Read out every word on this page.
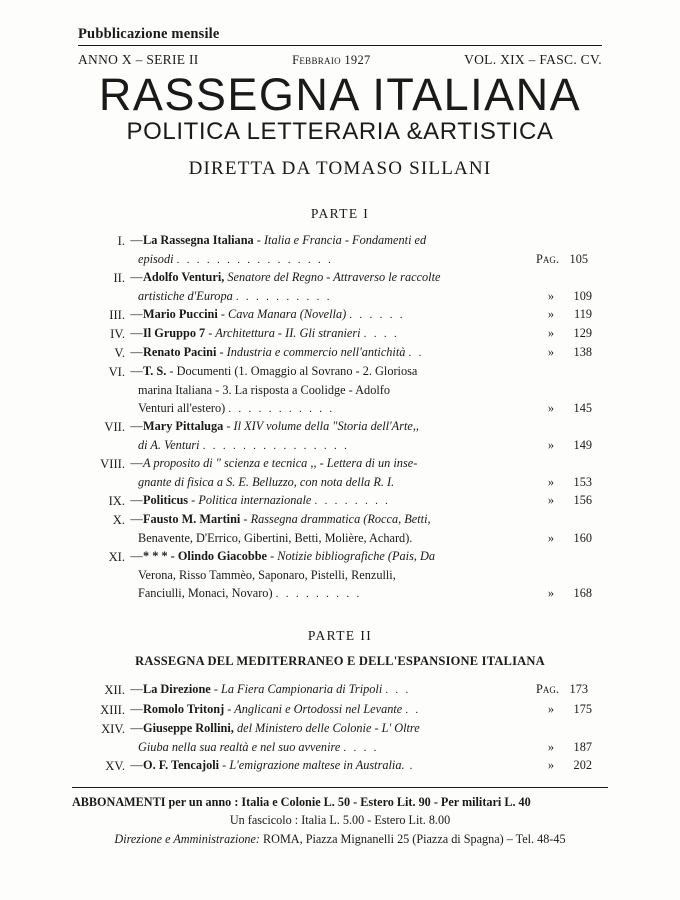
Pubblicazione mensile
ANNO X – SERIE II	Febbraio 1927	VOL. XIX – FASC. CV.
RASSEGNA ITALIANA
POLITICA LETTERARIA &ARTISTICA
DIRETTA DA TOMASO SILLANI
PARTE I
I. — La Rassegna Italiana - Italia e Francia - Fondamenti ed
episodi . . . . . . . . . . . . . . . .	Pag. 105
II. — Adolfo Venturi, Senatore del Regno - Attraverso le raccolte
artistiche d'Europa . . . . . . . . . .	» 109
III. — Mario Puccini - Cava Manara (Novella) . . . . . .	» 119
IV. — Il Gruppo 7 - Architettura - II. Gli stranieri . . . .	» 129
V. — Renato Pacini - Industria e commercio nell'antichità . .	» 138
VI. — T. S. - Documenti (1. Omaggio al Sovrano - 2. Gloriosa
marina Italiana - 3. La risposta a Coolidge - Adolfo
Venturi all'estero) . . . . . . . . . . .	» 145
VII. — Mary Pittaluga - Il XIV volume della "Storia dell'Arte,,
di A. Venturi . . . . . . . . . . . . . . .	» 149
VIII. — A proposito di " scienza e tecnica ,, - Lettera di un inse-
gnante di fisica a S. E. Belluzzo, con nota della R. I.	» 153
IX. — Politicus - Politica internazionale . . . . . . . .	» 156
X. — Fausto M. Martini - Rassegna drammatica (Rocca, Betti,
Benavente, D'Errico, Gibertini, Betti, Molière, Achard).	» 160
XI. — * * * - Olindo Giacobbe - Notizie bibliografiche (Pais, Da
Verona, Risso Tammèo, Saponaro, Pistelli, Renzulli,
Fanciulli, Monaci, Novaro) . . . . . . . . .	» 168
PARTE II
RASSEGNA DEL MEDITERRANEO E DELL'ESPANSIONE ITALIANA
XII. — La Direzione - La Fiera Campionaria di Tripoli . . .	Pag. 173
XIII. — Romolo Tritonj - Anglicani e Ortodossi nel Levante . .	» 175
XIV. — Giuseppe Rollini, del Ministero delle Colonie - L' Oltre
Giuba nella sua realtà e nel suo avvenire . . . .	» 187
XV. — O. F. Tencajoli - L'emigrazione maltese in Australia. .	» 202
ABBONAMENTI per un anno : Italia e Colonie L. 50 - Estero Lit. 90 - Per militari L. 40
Un fascicolo : Italia L. 5.00 - Estero Lit. 8.00
Direzione e Amministrazione: ROMA, Piazza Mignanelli 25 (Piazza di Spagna) – Tel. 48-45
